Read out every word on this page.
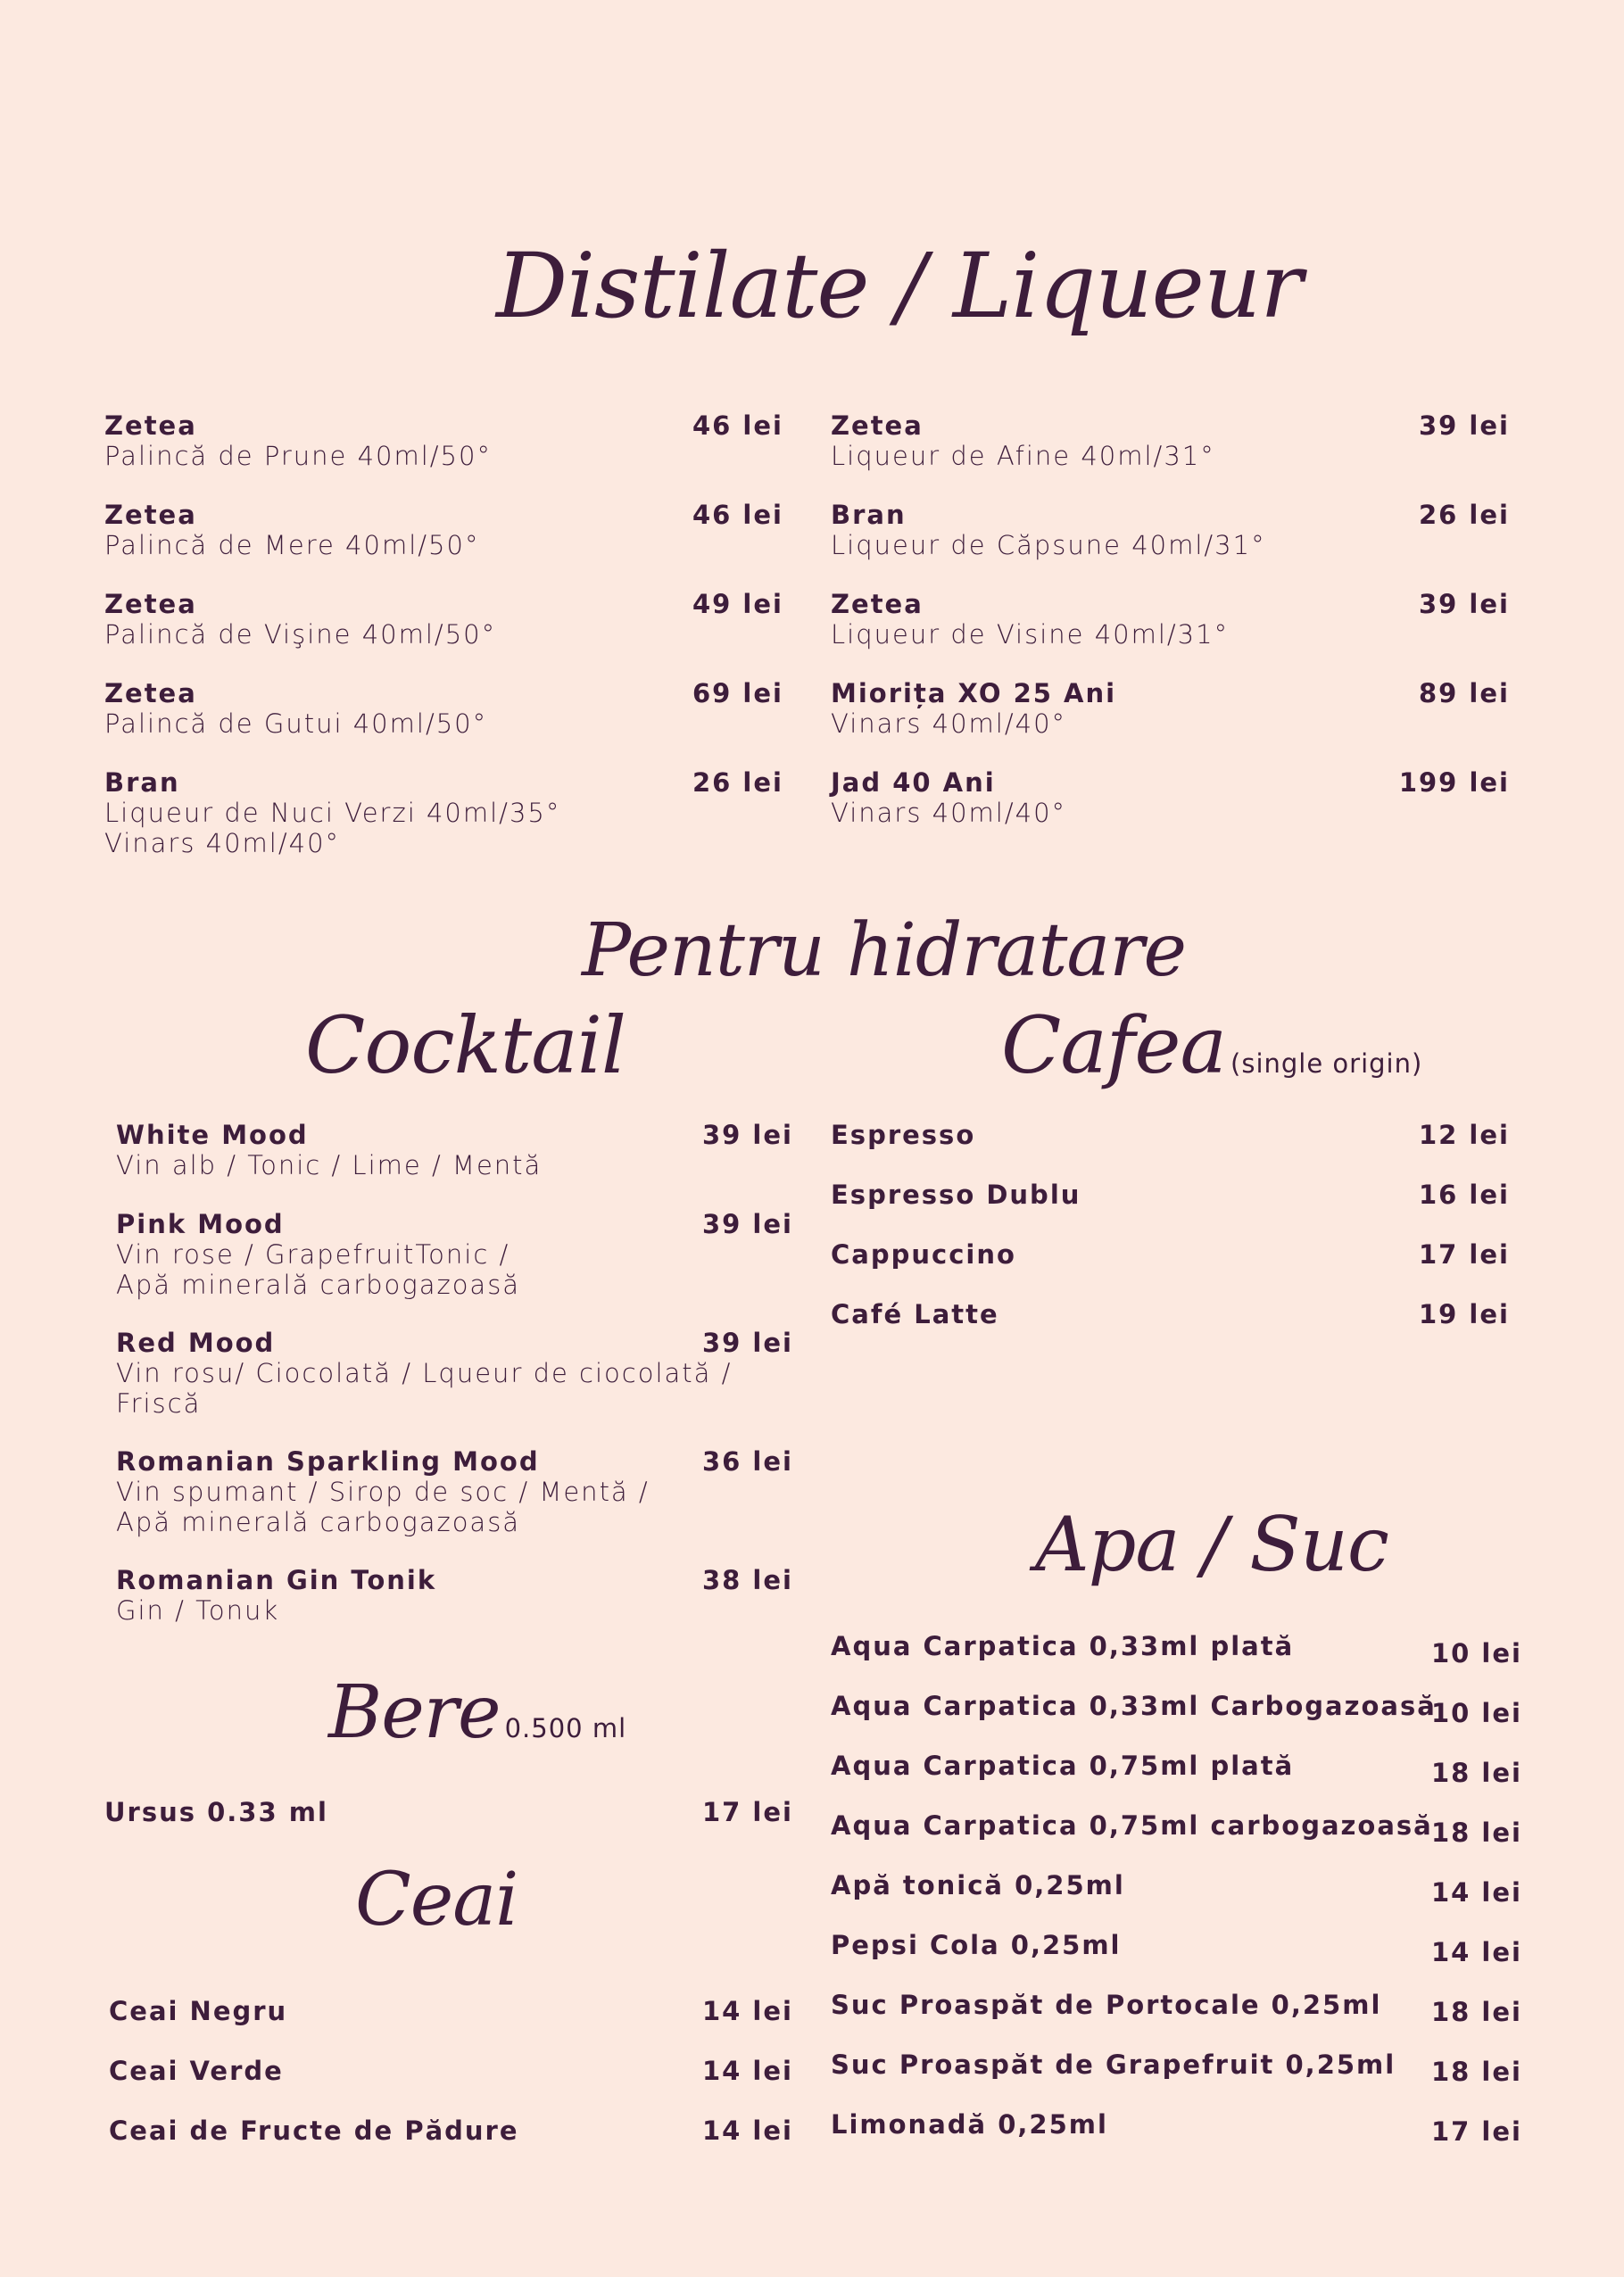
Distilate / Liqueur
Pentru hidratare
Cocktail	Cafea (single origin)
Apa / Suc
Bere 0.500 ml
Ceai
Zetea
Palincă de Prune 40ml/50°
46 lei
Zetea
Palincă de Mere 40ml/50°
46 lei
Zetea
Palincă de Vişine 40ml/50°
49 lei
Zetea
Palincă de Gutui 40ml/50°
69 lei
Bran
Liqueur de Nuci Verzi 40ml/35°
Vinars 40ml/40°
26 lei
Zetea
Liqueur de Afine 40ml/31°
39 lei
Bran
Liqueur de Căpsune 40ml/31°
26 lei
Zetea
Liqueur de Visine 40ml/31°
39 lei
Miorița XO 25 Ani
Vinars 40ml/40°
89 lei
Jad 40 Ani
Vinars 40ml/40°
199 lei
White Mood
Vin alb / Tonic / Lime / Mentă
39 lei
Pink Mood
Vin rose / GrapefruitTonic /
Apă minerală carbogazoasă
39 lei
Red Mood
Vin rosu/ Ciocolată / Lqueur de ciocolată /
Friscă
39 lei
Romanian Sparkling Mood
Vin spumant / Sirop de soc / Mentă /
Apă minerală carbogazoasă
36 lei
Romanian Gin Tonik
Gin / Tonuk
38 lei
Ursus 0.33 ml	17 lei
Ceai Negru	14 lei
Ceai Verde	14 lei
Ceai de Fructe de Pădure	14 lei
Espresso	12 lei
Espresso Dublu	16 lei
Cappuccino	17 lei
Café Latte	19 lei
Aqua Carpatica 0,33ml plată	10 lei
Aqua Carpatica 0,33ml Carbogazoasă
10 lei
Aqua Carpatica 0,75ml plată	18 lei
Aqua Carpatica 0,75ml carbogazoasă
18 lei
Apă tonică 0,25ml	14 lei
Pepsi Cola 0,25ml	14 lei
Suc Proaspăt de Portocale 0,25ml	18 lei
Suc Proaspăt de Grapefruit 0,25ml	18 lei
Limonadă 0,25ml	17 lei
